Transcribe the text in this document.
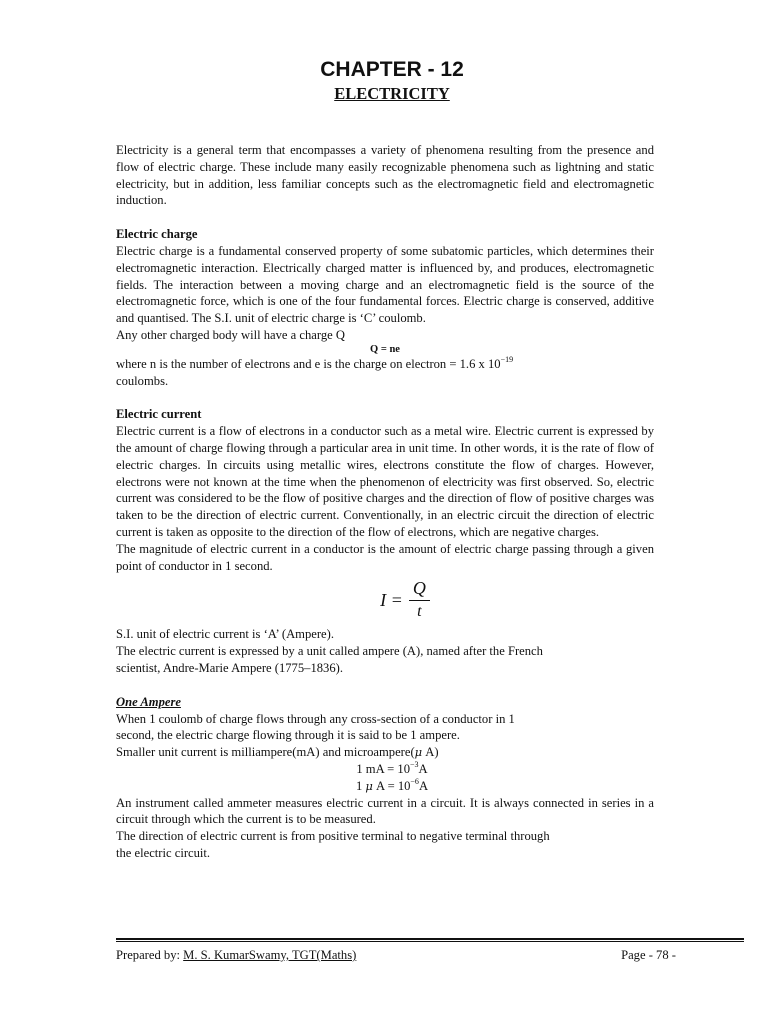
CHAPTER - 12
ELECTRICITY

Electricity is a general term that encompasses a variety of phenomena resulting from the presence and flow of electric charge. These include many easily recognizable phenomena such as lightning and static electricity, but in addition, less familiar concepts such as the electromagnetic field and electromagnetic induction.

Electric charge

Electric charge is a fundamental conserved property of some subatomic particles, which determines their electromagnetic interaction. Electrically charged matter is influenced by, and produces, electromagnetic fields. The interaction between a moving charge and an electromagnetic field is the source of the electromagnetic force, which is one of the four fundamental forces. Electric charge is conserved, additive and quantised. The S.I. unit of electric charge is ‘C’ coulomb.

Any other charged body will have a charge Q

Q = ne

where n is the number of electrons and e is the charge on electron = 1.6 x $10^{-19}$

coulombs.

Electric current

Electric current is a flow of electrons in a conductor such as a metal wire. Electric current is expressed by the amount of charge flowing through a particular area in unit time. In other words, it is the rate of flow of electric charges. In circuits using metallic wires, electrons constitute the flow of charges. However, electrons were not known at the time when the phenomenon of electricity was first observed. So, electric current was considered to be the flow of positive charges and the direction of flow of positive charges was taken to be the direction of electric current. Conventionally, in an electric circuit the direction of electric current is taken as opposite to the direction of the flow of electrons, which are negative charges.

The magnitude of electric current in a conductor is the amount of electric charge passing through a given point of conductor in 1 second.

$I = \frac{Q}{t}$

S.I. unit of electric current is ‘A’ (Ampere).

The electric current is expressed by a unit called ampere (A), named after the French

scientist, Andre-Marie Ampere (1775–1836).

One Ampere

When 1 coulomb of charge flows through any cross-section of a conductor in 1

second, the electric charge flowing through it is said to be 1 ampere.

Smaller unit current is milliampere(mA) and microampere(μ A)

1 mA = $10^{-3}A$
1 μ $A = 10^{-6}A$

An instrument called ammeter measures electric current in a circuit. It is always connected in series in a circuit through which the current is to be measured.

The direction of electric current is from positive terminal to negative terminal through

the electric circuit.

Prepared by: M. S. KumarSwamy, TGT(Maths)	Page - 78 -
